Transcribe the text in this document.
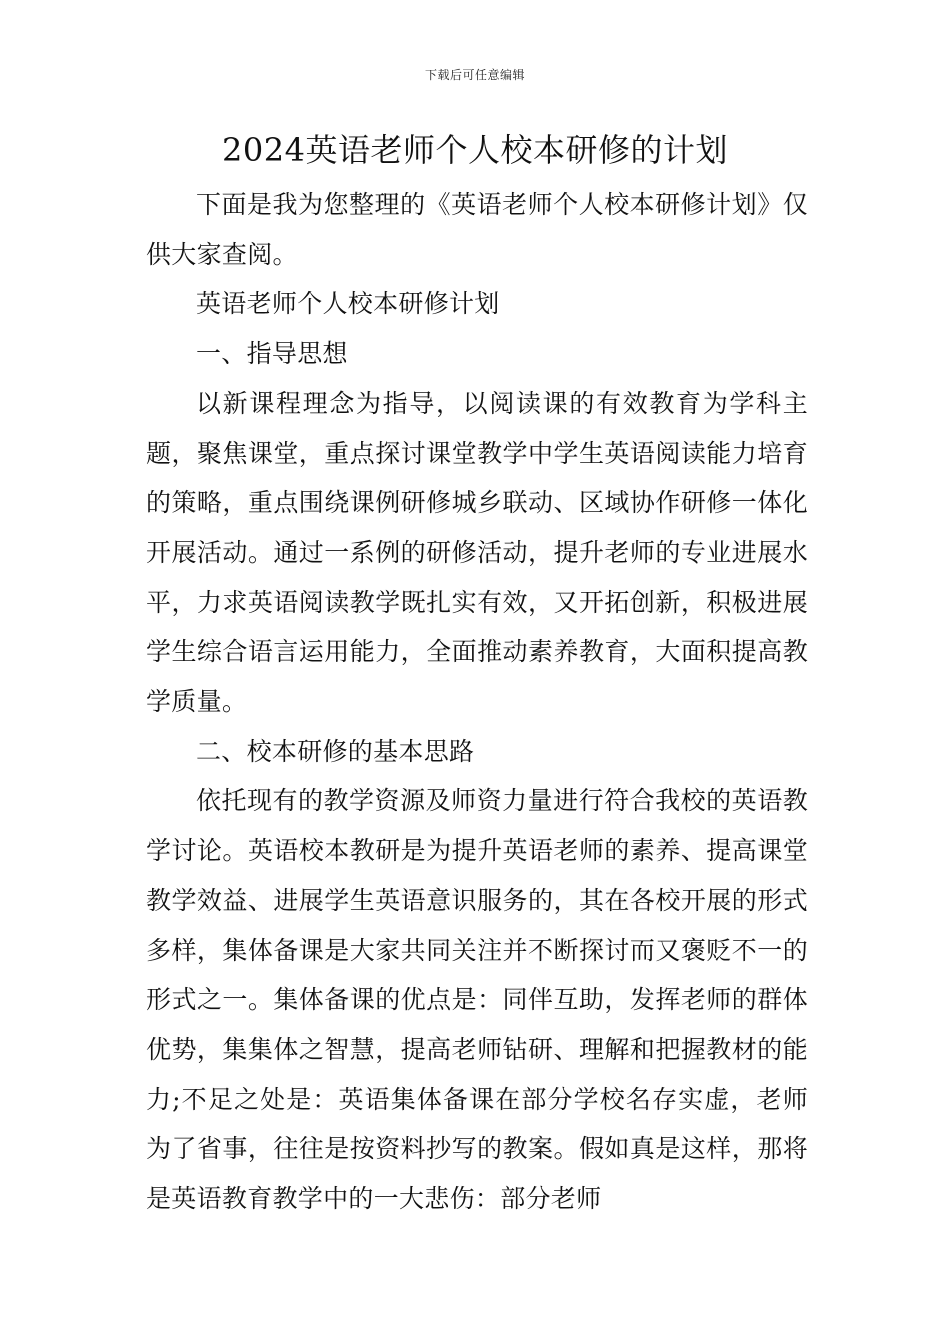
下载后可任意编辑
2024英语老师个人校本研修的计划

下面是我为您整理的《英语老师个人校本研修计划》仅供大家查阅。

英语老师个人校本研修计划

一、指导思想

以新课程理念为指导，以阅读课的有效教育为学科主题，聚焦课堂，重点探讨课堂教学中学生英语阅读能力培育的策略，重点围绕课例研修城乡联动、区域协作研修一体化开展活动。通过一系例的研修活动，提升老师的专业进展水平，力求英语阅读教学既扎实有效，又开拓创新，积极进展学生综合语言运用能力，全面推动素养教育，大面积提高教学质量。

二、校本研修的基本思路

依托现有的教学资源及师资力量进行符合我校的英语教学讨论。英语校本教研是为提升英语老师的素养、提高课堂教学效益、进展学生英语意识服务的，其在各校开展的形式多样，集体备课是大家共同关注并不断探讨而又褒贬不一的形式之一。集体备课的优点是：同伴互助，发挥老师的群体优势，集集体之智慧，提高老师钻研、理解和把握教材的能力;不足之处是：英语集体备课在部分学校名存实虚，老师为了省事，往往是按资料抄写的教案。假如真是这样，那将是英语教育教学中的一大悲伤：部分老师
